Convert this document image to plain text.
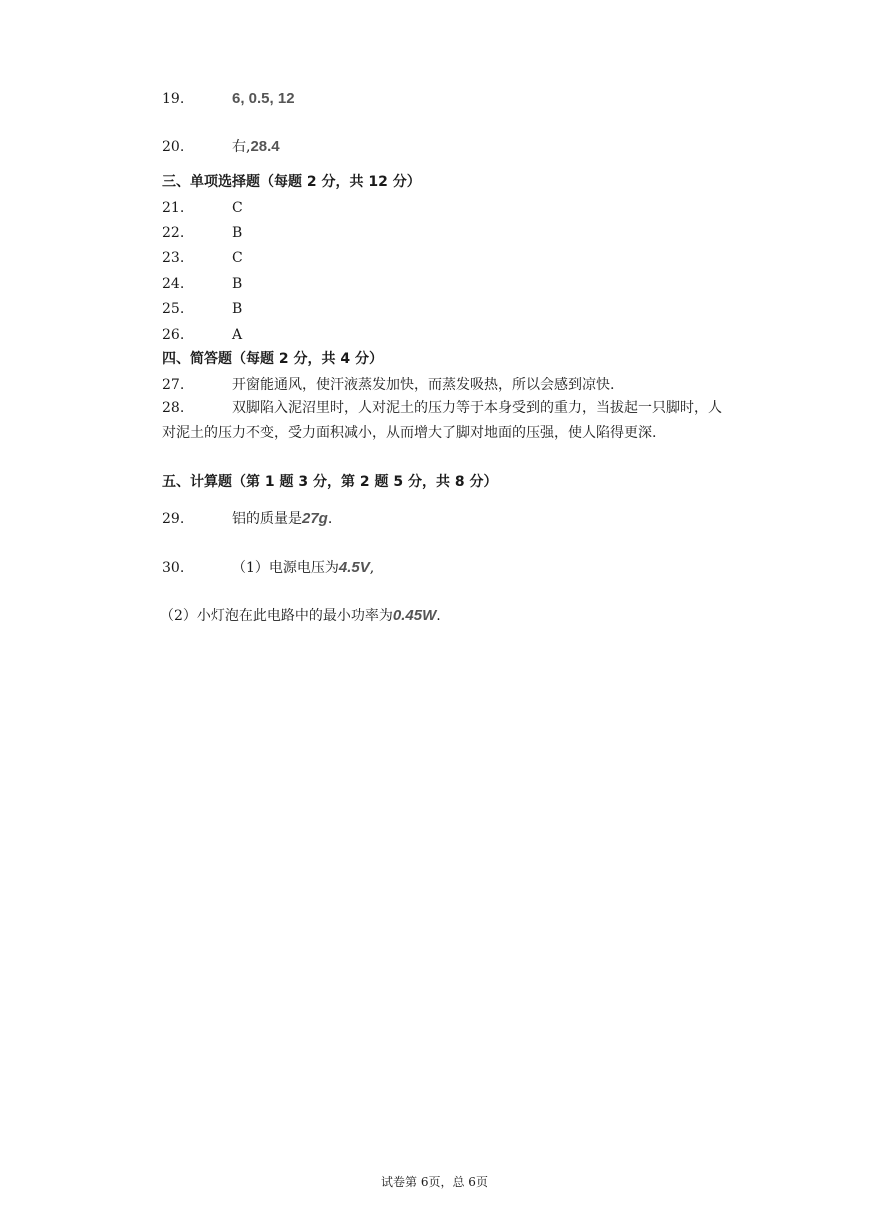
19.	6, 0.5, 12
20.	右,28.4
三、单项选择题（每题 2 分，共 12 分）
21.	C
22.	B
23.	C
24.	B
25.	B
26.	A
四、简答题（每题 2 分，共 4 分）
27.	开窗能通风，使汗液蒸发加快，而蒸发吸热，所以会感到凉快.
28.	双脚陷入泥沼里时，人对泥土的压力等于本身受到的重力，当拔起一只脚时，人对泥土的压力不变，受力面积减小，从而增大了脚对地面的压强，使人陷得更深.
五、计算题（第 1 题 3 分，第 2 题 5 分，共 8 分）
29.	铝的质量是27g.
30.	（1）电源电压为4.5V,
（2）小灯泡在此电路中的最小功率为0.45W.
试卷第 6页，总 6页
